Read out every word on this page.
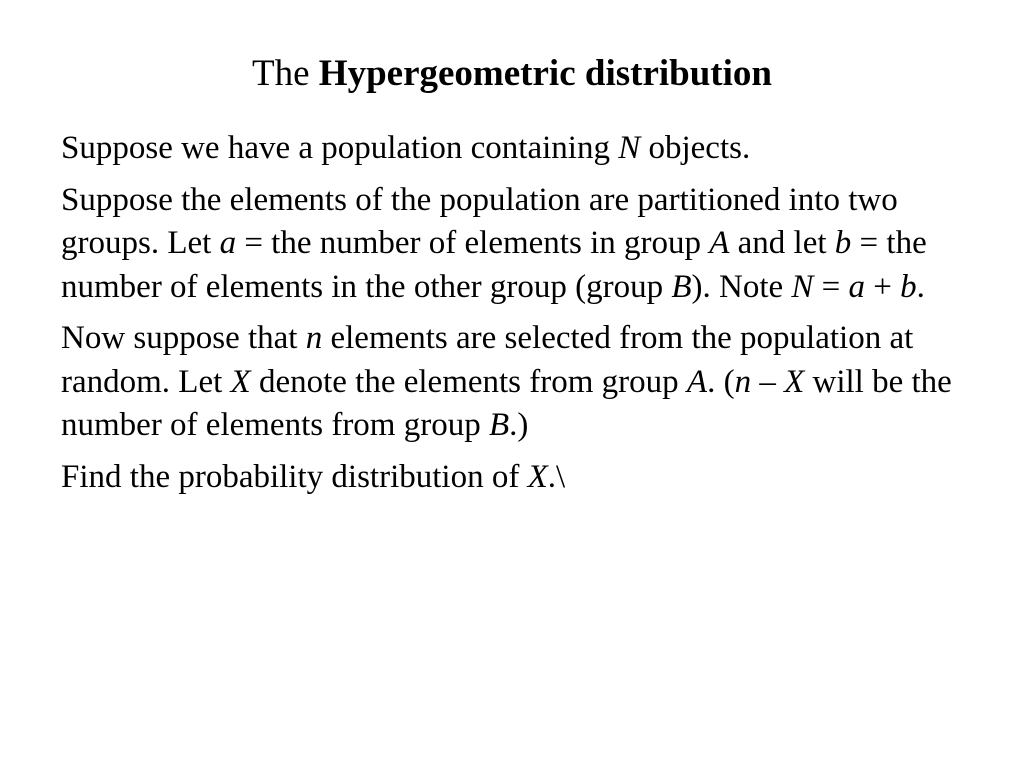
The Hypergeometric distribution

Suppose we have a population containing N objects.

Suppose the elements of the population are partitioned into two groups. Let a = the number of elements in group A and let b = the number of elements in the other group (group B). Note N = a + b.

Now suppose that n elements are selected from the population at random. Let X denote the elements from group A. (n – X will be the number of elements from group B.)

Find the probability distribution of X.\
